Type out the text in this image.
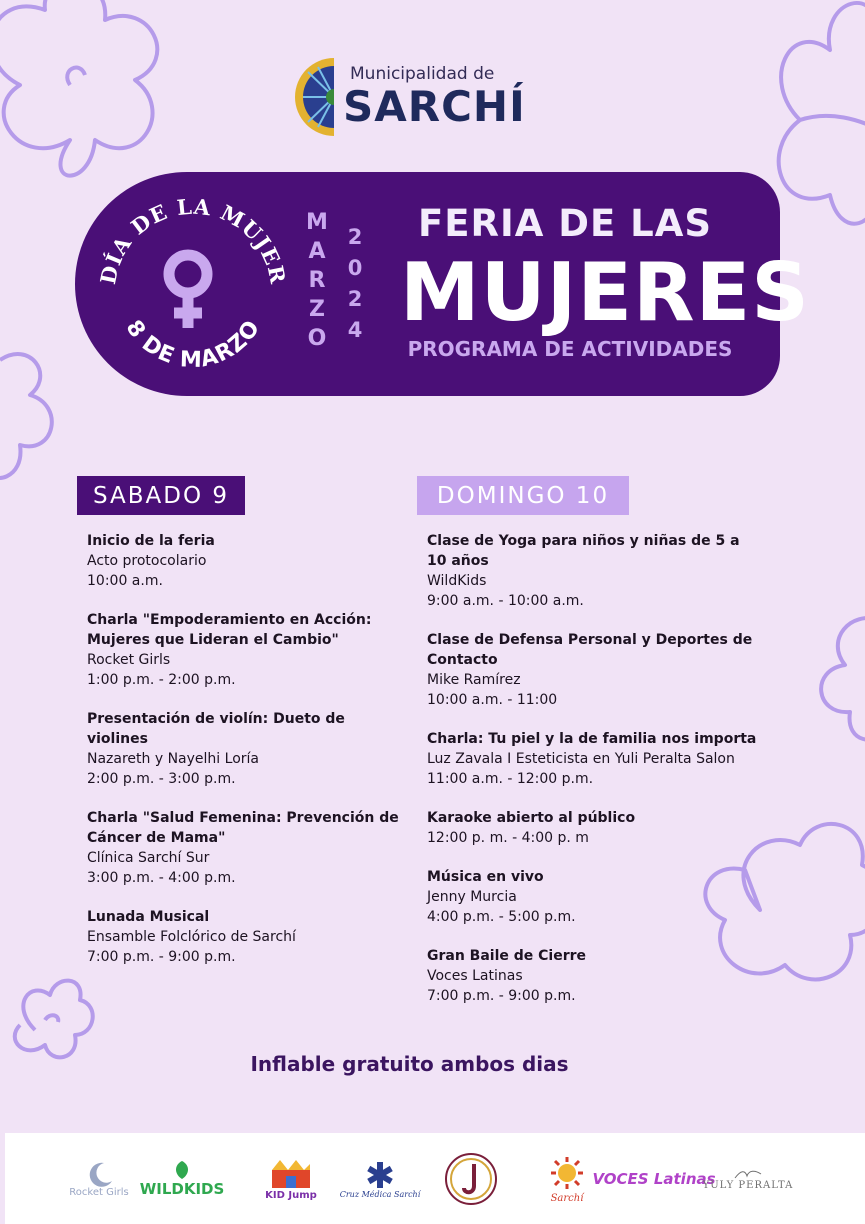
Municipalidad de
SARCHÍ
DÍA DE LA MUJER
8 DE MARZO
M
A
R
Z
O
2
0
2
4
FERIA DE LAS
MUJERES
PROGRAMA DE ACTIVIDADES
SABADO 9	DOMINGO 10
Inicio de la feria
Acto protocolario
10:00 a.m.
Charla "Empoderamiento en Acción:
Mujeres que Lideran el Cambio"
Rocket Girls
1:00 p.m. - 2:00 p.m.
Presentación de violín: Dueto de violines
Nazareth y Nayelhi Loría
2:00 p.m. - 3:00 p.m.
Charla "Salud Femenina: Prevención de
Cáncer de Mama"
Clínica Sarchí Sur
3:00 p.m. - 4:00 p.m.
Lunada Musical
Ensamble Folclórico de Sarchí
7:00 p.m. - 9:00 p.m.
Clase de Yoga para niños y niñas de 5 a
10 años
WildKids
9:00 a.m. - 10:00 a.m.
Clase de Defensa Personal y Deportes de
Contacto
Mike Ramírez
10:00 a.m. - 11:00
Charla: Tu piel y la de familia nos importa
Luz Zavala I Esteticista en Yuli Peralta Salon
11:00 a.m. - 12:00 p.m.
Karaoke abierto al público
12:00 p. m. - 4:00 p. m
Música en vivo
Jenny Murcia
4:00 p.m. - 5:00 p.m.
Gran Baile de Cierre
Voces Latinas
7:00 p.m. - 9:00 p.m.
Inflable gratuito ambos dias
Rocket Girls WILDKIDS	KID Jump	Cruz Médica Sarchí	Sarchí
VOCES Latinas
YULY PERALTA
